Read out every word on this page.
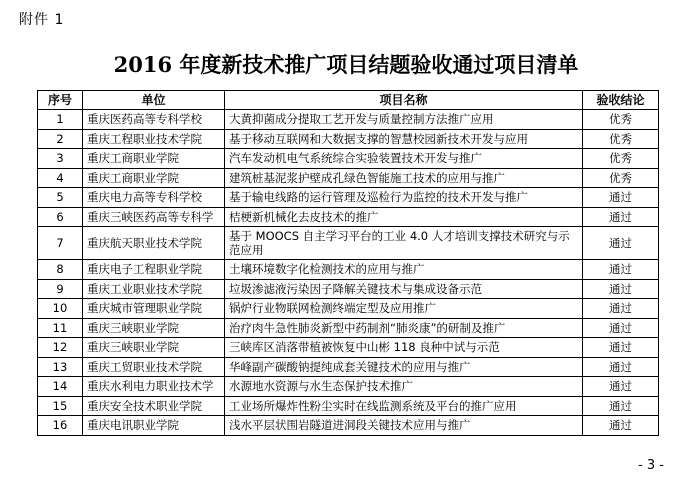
附件 1
2016 年度新技术推广项目结题验收通过项目清单
序号	单位	项目名称	验收结论
1	重庆医药高等专科学校	大黄抑菌成分提取工艺开发与质量控制方法推广应用	优秀
2	重庆工程职业技术学院	基于移动互联网和大数据支撑的智慧校园新技术开发与应用	优秀
3	重庆工商职业学院	汽车发动机电气系统综合实验装置技术开发与推广	优秀
4	重庆工商职业学院	建筑桩基泥浆护壁成孔绿色智能施工技术的应用与推广	优秀
5	重庆电力高等专科学校	基于输电线路的运行管理及巡检行为监控的技术开发与推广	通过
6	重庆三峡医药高等专科学	桔梗新机械化去皮技术的推广	通过
7	重庆航天职业技术学院	基于 MOOCS 自主学习平台的工业 4.0 人才培训支撑技术研究与示范应用	通过
8	重庆电子工程职业学院	土壤环境数字化检测技术的应用与推广	通过
9	重庆工业职业技术学院	垃圾渗滤液污染因子降解关键技术与集成设备示范	通过
10	重庆城市管理职业学院	锅炉行业物联网检测终端定型及应用推广	通过
11	重庆三峡职业学院	治疗肉牛急性肺炎新型中药制剂“肺炎康”的研制及推广	通过
12	重庆三峡职业学院	三峡库区消落带植被恢复中山彬 118 良种中试与示范	通过
13	重庆工贸职业技术学院	华峰副产碳酸钠提纯成套关键技术的应用与推广	通过
14	重庆水利电力职业技术学	水源地水资源与水生态保护技术推广	通过
15	重庆安全技术职业学院	工业场所爆炸性粉尘实时在线监测系统及平台的推广应用	通过
16	重庆电讯职业学院	浅水平层状围岩隧道进洞段关键技术应用与推广	通过
- 3 -
